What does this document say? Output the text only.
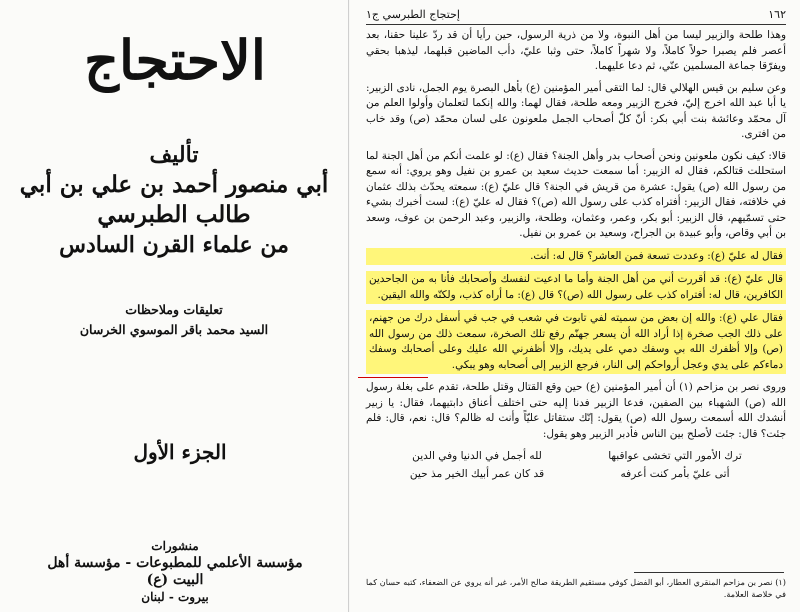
الاحتجاج
تأليف
أبي منصور أحمد بن علي بن أبي طالب الطبرسي
من علماء القرن السادس
تعليقات وملاحظات
السيد محمد باقر الموسوي الخرسان
الجزء الأول
منشورات
مؤسسة الأعلمي للمطبوعات - مؤسسة أهل البيت (ع)
بيروت - لبنان
١٦٢
إحتجاج الطبرسي ج١

وهذا طلحة والزبير ليسا من أهل النبوة، ولا من ذرية الرسول، حين رأيا أن قد ردّ علينا حقنا، بعد أعصر فلم يصبرا حولاً كاملاً، ولا شهراً كاملاً، حتى وثبا عليّ، دأب الماضين قبلهما، ليذهبا بحقي ويفرّقا جماعة المسلمين عنّي، ثم دعا عليهما.

وعن سليم بن قيس الهلالي قال: لما التقى أمير المؤمنين (ع) بأهل البصرة يوم الجمل، نادى الزبير: يا أبا عبد الله اخرج إليّ، فخرج الزبير ومعه طلحة، فقال لهما: والله إنكما لتعلمان وأولوا العلم من آل محمّد وعائشة بنت أبي بكر: أنّ كلّ أصحاب الجمل ملعونون على لسان محمّد (ص) وقد خاب من افترى.

قالا: كيف نكون ملعونين ونحن أصحاب بدر وأهل الجنة؟ فقال (ع): لو علمت أنكم من أهل الجنة لما استحللت قتالكم، فقال له الزبير: أما سمعت حديث سعيد بن عمرو بن نفيل وهو يروي: أنه سمع من رسول الله (ص) يقول: عشرة من قريش في الجنة؟ قال عليّ (ع): سمعته يحدّث بذلك عثمان في خلافته، فقال الزبير: أفتراه كذب على رسول الله (ص)؟ فقال له عليّ (ع): لست أخبرك بشيء حتى تسمّيهم، قال الزبير: أبو بكر، وعمر، وعثمان، وطلحة، والزبير، وعبد الرحمن بن عوف، وسعد بن أبي وقاص، وأبو عبيدة بن الجراح، وسعيد بن عمرو بن نفيل.

فقال له عليّ (ع): وعددت تسعة فمن العاشر؟ قال له: أنت.

قال عليّ (ع): قد أقررت أني من أهل الجنة وأما ما ادعيت لنفسك وأصحابك فأنا به من الجاحدين الكافرين، قال له: أفتراه كذب على رسول الله (ص)؟ قال (ع): ما أراه كذب، ولكنّه والله اليقين.

فقال علي (ع): والله إن بعض من سميته لفي تابوت في شعب في جب في أسفل درك من جهنم، على ذلك الجب صخرة إذا أراد الله أن يسعر جهنّم رفع تلك الصخرة، سمعت ذلك من رسول الله (ص) وإلا أظفرك الله بي وسفك دمي على يديك، وإلا أظفرني الله عليك وعلى أصحابك وسفك دماءكم على يدي وعجل أرواحكم إلى النار، فرجع الزبير إلى أصحابه وهو يبكي.

وروى نصر بن مزاحم (١) أن أمير المؤمنين (ع) حين وقع القتال وقتل طلحة، تقدم على بغلة رسول الله (ص) الشهباء بين الصفين، فدعا الزبير فدنا إليه حتى اختلف أعناق دابتيهما، فقال: يا زبير أنشدك الله أسمعت رسول الله (ص) يقول: إنّك ستقاتل عليّاً وأنت له ظالم؟ قال: نعم، قال: فلم جئت؟ قال: جئت لأصلح بين الناس فأدبر الزبير وهو يقول:

ترك الأمور التي تخشى عواقبها
لله أجمل في الدنيا وفي الدين
أتى عليّ بأمر كنت أعرفه
قد كان عمر أبيك الخير مذ حين
(١) نصر بن مزاحم المنقري العطار، أبو الفضل كوفي مستقيم الطريقة صالح الأمر، غير أنه يروي عن الضعفاء، كتبه حسان كما في خلاصة العلامة.
